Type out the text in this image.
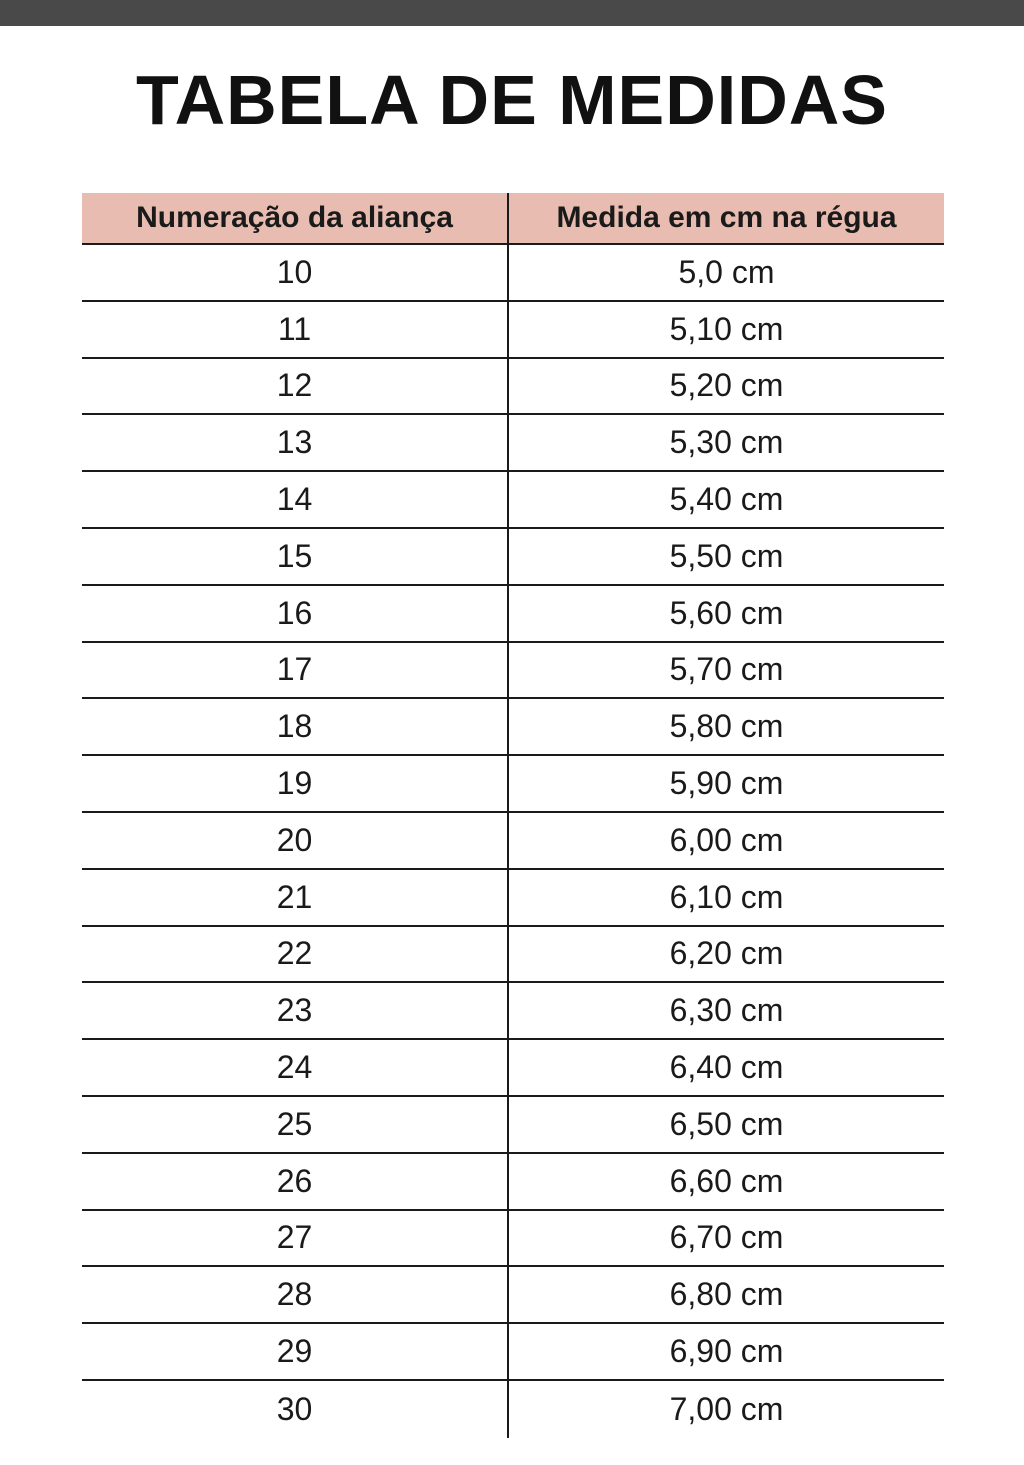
TABELA DE MEDIDAS
Numeração da aliança	Medida em cm na régua
10	5,0 cm
11	5,10 cm
12	5,20 cm
13	5,30 cm
14	5,40 cm
15	5,50 cm
16	5,60 cm
17	5,70 cm
18	5,80 cm
19	5,90 cm
20	6,00 cm
21	6,10 cm
22	6,20 cm
23	6,30 cm
24	6,40 cm
25	6,50 cm
26	6,60 cm
27	6,70 cm
28	6,80 cm
29	6,90 cm
30	7,00 cm
